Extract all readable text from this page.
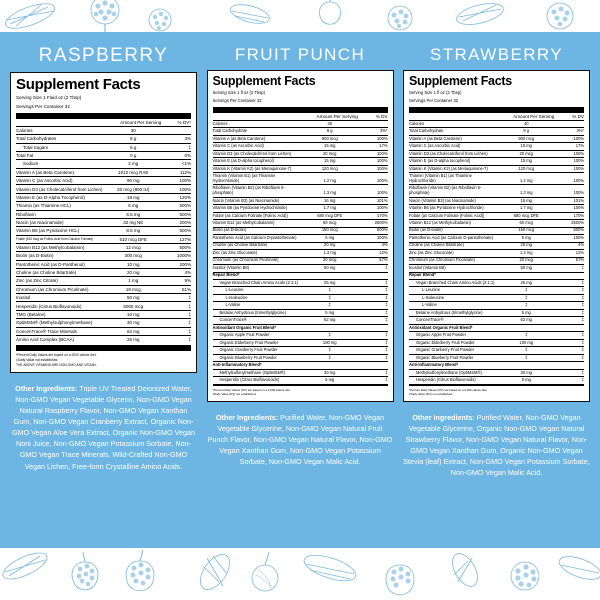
RASPBERRY
Supplement Facts
Serving Size 1 Fluid oz (2 Tbsp)
Servings Per Container 32
	Amount Per Serving	% DV*
Calories	30	
Total Carbohydrates	8 g	3%
Total Sugars	6 g	‡
Total Fat	0 g	0%
Sodium	2 mg	<1%
Vitamin A (as Beta Carotene)	1012 mcg RAE	112%
Vitamin C (as Ascorbic Acid)	90 mg	100%
Vitamin D3 (as Cholecalciferol from Lichen)	20 mcg (800 IU)	100%
Vitamin E (as D-Alpha Tocopherol)	18 mg	120%
Thiamin (as Thiamine HCL)	6 mg	500%
Riboflavin	6.5 mg	500%
Niacin (as Niacinamide)	32 mg NE	200%
Vitamin B6 (as Pyridoxine HCL)	8.5 mg	500%
Folate (510 mcg as Folinic Acid from Calcium Folinate)	510 mcg DFE	127%
Vitamin B12 (as Methylcobalamin)	12 mcg	500%
Biotin (as D-Biotin)	300 mcg	1000%
Pantothenic Acid (as D-Panthenol)	10 mg	200%
Choline (as Choline Bitartrate)	20 mg	4%
Zinc (as Zinc Citrate)	1 mg	9%
Chromium (as Chromium Picolinate)	18 mcg	51%
Inositol	50 mg	‡
Hesperidin (Citrus Bioflavonoids)	5000 mcg	‡
TMG (Betaine)	10 mg	‡
OptiMSM® (Methylsulphonylmethane)	30 mg	‡
ConcenTrace® Trace Minerals	62 mg	‡
Amino Acid Complex (BCAA)	25 mg	‡
*Percent Daily Values are based on a 2000 calorie diet.
‡Daily Value not established.
THE ABOVE VITAMINS ARE NON-GMO AND VEGAN.
Other Ingredients: Triple UV Treated Deionized Water, Non-GMO Vegan Vegetable Glycerin, Non-GMO Vegan Natural Raspberry Flavor, Non-GMO Vegan Xanthan Gum, Non-GMO Vegan Cranberry Extract, Organic Non-GMO Vegan Aloe Vera Extract, Organic Non-GMO Vegan Noni Juice, Non-GMO Vegan Potassium Sorbate, Non-GMO Vegan Trace Minerals, Wild-Crafted Non-GMO Vegan Lichen, Free-form Crystalline Amino Acids.
FRUIT PUNCH
Supplement Facts
Serving Size 1 fl oz (2 Tbsp)
Servings Per Container 32
	Amount Per Serving	% DV
Calories	40	
Total Carbohydrate	8 g	3%*
Vitamin A (as Beta Carotene)	900 mcg	100%
Vitamin C (as Ascorbic Acid)	15 mg	17%
Vitamin D3 (as Cholecalciferol from Lichen)	20 mcg	100%
Vitamin E (as D-alpha tocopherol)	15 mg	100%
Vitamin K (Vitamin K2) (as Menaquinone-7)	120 mcg	100%
Thiamin (Vitamin B1) (as Thiamine Hydrochloride)	1.2 mg	100%
Riboflavin (Vitamin B2) (as Riboflavin 5-phosphate)	1.3 mg	100%
Niacin (Vitamin B3) (as Niacinamide)	16 mg	101%
Vitamin B6 (as Pyridoxine Hydrochloride)	1.7 mg	100%
Folate (as Calcium Folinate [Folinic Acid])	680 mcg DFE	170%
Vitamin B12 (as Methylcobalamin)	60 mcg	2500%
Biotin (as D-biotin)	150 mcg	500%
Pantothenic Acid (as Calcium D-pantothenate)	5 mg	100%
Choline (as Choline Bitartrate)	20 mg	4%
Zinc (as Zinc Gluconate)	1.3 mg	12%
Chromium (as Chromium Picolinate)	20 mcg	57%
Inositol (Vitamin B8)	50 mg	‡
Repair Blend*		
Vegan Branched Chain Amino Acids (2:1:1)	25 mg	‡
L-Leucine	‡	‡
L-Isoleucine	‡	‡
L-Valine	‡	‡
Betaine Anhydrous (trimethylglycine)	5 mg	‡
ConcenTrace®	62 mg	‡
Antioxidant Organic Fruit Blend*		
Organic Apple Fruit Powder	‡	‡
Organic Elderberry Fruit Powder	100 mg	‡
Organic Cranberry Fruit Powder	‡	‡
Organic Blueberry Fruit Powder	‡	‡
Anti-Inflammatory Blend*		
Methylsulfonylmethane (OptiMSM®)	30 mg	‡
Hesperidin (Citrus Bioflavonoids)	5 mg	‡
*Percent Daily Values (DV) are based on a 2,000 calorie diet.
‡Daily Value (DV) not established.
Other Ingredients: Purified Water, Non-GMO Vegan Vegetable Glycerine, Non-GMO Vegan Natural Fruit Punch Flavor, Non-GMO Vegan Natural Flavor, Non-GMO Vegan Xanthan Gum, Non-GMO Vegan Potassium Sorbate, Non-GMO Vegan Malic Acid.
STRAWBERRY
Supplement Facts
Serving Size 1 fl oz (2 Tbsp)
Servings Per Container 32
	Amount Per Serving	% DV
Calories	40	
Total Carbohydrate	8 g	3%*
Vitamin A (as Beta Carotene)	900 mcg	100%
Vitamin C (as Ascorbic Acid)	15 mg	17%
Vitamin D3 (as Cholecalciferol from Lichen)	20 mcg	100%
Vitamin E (as D-alpha tocopherol)	15 mg	100%
Vitamin K (Vitamin K2) (as Menaquinone-7)	120 mcg	100%
Thiamin (Vitamin B1) (as Thiamine Hydrochloride)	1.2 mg	100%
Riboflavin (Vitamin B2) (as Riboflavin 5-phosphate)	1.3 mg	100%
Niacin (Vitamin B3) (as Niacinamide)	16 mg	101%
Vitamin B6 (as Pyridoxine Hydrochloride)	1.7 mg	100%
Folate (as Calcium Folinate [Folinic Acid])	680 mcg DFE	170%
Vitamin B12 (as Methylcobalamin)	60 mcg	2500%
Biotin (as D-biotin)	150 mcg	500%
Pantothenic Acid (as Calcium D-pantothenate)	5 mg	100%
Choline (as Choline Bitartrate)	20 mg	4%
Zinc (as Zinc Gluconate)	1.3 mg	12%
Chromium (as Chromium Picolinate)	20 mcg	57%
Inositol (Vitamin B8)	50 mg	‡
Repair Blend*		
Vegan Branched Chain Amino Acids (2:1:1)	25 mg	‡
L-Leucine	‡	‡
L-Isoleucine	‡	‡
L-Valine	‡	‡
Betaine Anhydrous (trimethylglycine)	5 mg	‡
ConcenTrace®	62 mg	‡
Antioxidant Organic Fruit Blend*		
Organic Apple Fruit Powder	‡	‡
Organic Elderberry Fruit Powder	100 mg	‡
Organic Cranberry Fruit Powder	‡	‡
Organic Blueberry Fruit Powder	‡	‡
Anti-Inflammatory Blend*		
Methylsulfonylmethane (OptiMSM®)	30 mg	‡
Hesperidin (Citrus Bioflavonoids)	5 mg	‡
*Percent Daily Values (DV) are based on a 2,000 calorie diet.
‡Daily Value (DV) not established.
Other Ingredients: Purified Water, Non-GMO Vegan Vegetable Glycerine, Organic Non-GMO Vegan Natural Strawberry Flavor, Non-GMO Vegan Natural Flavor, Non-GMO Vegan Xanthan Gum, Organic Non-GMO Vegan Stevia (leaf) Extract, Non-GMO Vegan Potassium Sorbate, Non-GMO Vegan Malic Acid.
